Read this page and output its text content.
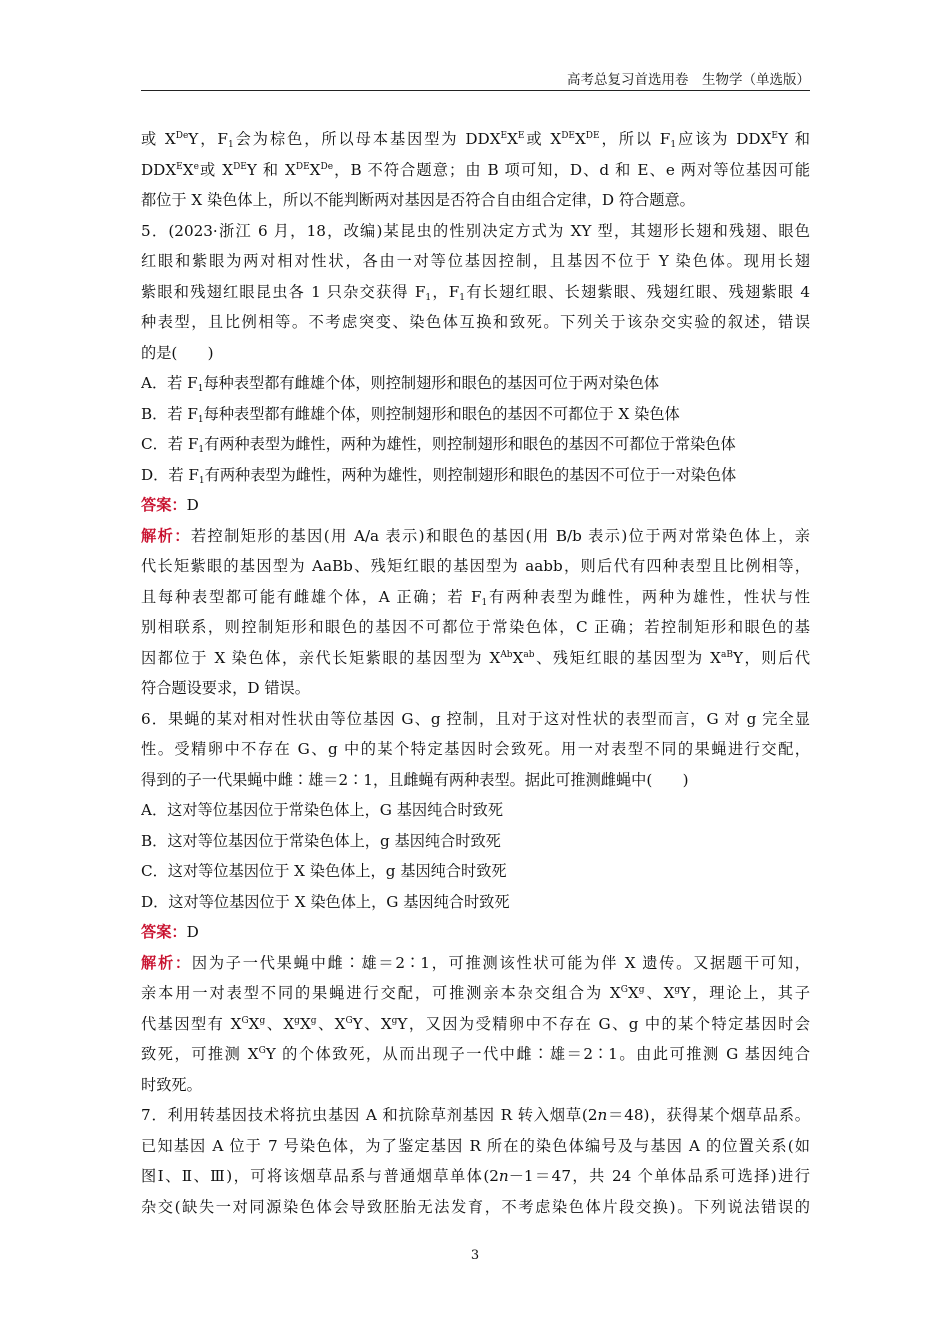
高考总复习首选用卷　生物学（单选版）
或 XDeY，$F_1$会为棕色，所以母本基因型为 $DDX^EX^E$或 XDEXDE，所以 $F_1$应该为 $DDX^EY$ 和
$DDX^EXe$或 XDEY 和 XDEXDe，B 不符合题意；由 B 项可知，D、d 和 E、e 两对等位基因可能
都位于 X 染色体上，所以不能判断两对基因是否符合自由组合定律，D 符合题意。
5．(2023·浙江 6 月，18，改编)某昆虫的性别决定方式为 XY 型，其翅形长翅和残翅、眼色
红眼和紫眼为两对相对性状，各由一对等位基因控制，且基因不位于 Y 染色体。现用长翅
紫眼和残翅红眼昆虫各 1 只杂交获得 $F_1$，$F_1$有长翅红眼、长翅紫眼、残翅红眼、残翅紫眼 4
种表型，且比例相等。不考虑突变、染色体互换和致死。下列关于该杂交实验的叙述，错误
的是(　　)
A．若 $F_1$每种表型都有雌雄个体，则控制翅形和眼色的基因可位于两对染色体
B．若 $F_1$每种表型都有雌雄个体，则控制翅形和眼色的基因不可都位于 X 染色体
C．若 $F_1$有两种表型为雌性，两种为雄性，则控制翅形和眼色的基因不可都位于常染色体
D．若 $F_1$有两种表型为雌性，两种为雄性，则控制翅形和眼色的基因不可位于一对染色体
答案：D
解析：若控制矩形的基因(用 A/a 表示)和眼色的基因(用 B/b 表示)位于两对常染色体上，亲
代长矩紫眼的基因型为 AaBb、残矩红眼的基因型为 aabb，则后代有四种表型且比例相等，
且每种表型都可能有雌雄个体，A 正确；若 $F_1$有两种表型为雌性，两种为雄性，性状与性
别相联系，则控制矩形和眼色的基因不可都位于常染色体，C 正确；若控制矩形和眼色的基
因都位于 X 染色体，亲代长矩紫眼的基因型为 $X^{Ab}X^{ab}$、残矩红眼的基因型为 $X^{aB}Y$，则后代
符合题设要求，D 错误。
6．果蝇的某对相对性状由等位基因 G、g 控制，且对于这对性状的表型而言，G 对 g 完全显
性。受精卵中不存在 G、g 中的某个特定基因时会致死。用一对表型不同的果蝇进行交配，
得到的子一代果蝇中雌∶雄＝2∶1，且雌蝇有两种表型。据此可推测雌蝇中(　　)
A．这对等位基因位于常染色体上，G 基因纯合时致死
B．这对等位基因位于常染色体上，g 基因纯合时致死
C．这对等位基因位于 X 染色体上，g 基因纯合时致死
D．这对等位基因位于 X 染色体上，G 基因纯合时致死
答案：D
解析：因为子一代果蝇中雌∶雄＝2∶1，可推测该性状可能为伴 X 遗传。又据题干可知，
亲本用一对表型不同的果蝇进行交配，可推测亲本杂交组合为 $X^GX^g$、$X^gY$，理论上，其子
代基因型有 $X^GX^g$、$X^gX^g$、$X^GY$、$X^gY$，又因为受精卵中不存在 G、g 中的某个特定基因时会
致死，可推测 $X^GY$ 的个体致死，从而出现子一代中雌∶雄＝2∶1。由此可推测 G 基因纯合
时致死。
7．利用转基因技术将抗虫基因 A 和抗除草剂基因 R 转入烟草(2n＝48)，获得某个烟草品系。
已知基因 A 位于 7 号染色体，为了鉴定基因 R 所在的染色体编号及与基因 A 的位置关系(如
图Ⅰ、Ⅱ、Ⅲ)，可将该烟草品系与普通烟草单体(2n－1＝47，共 24 个单体品系可选择)进行
杂交(缺失一对同源染色体会导致胚胎无法发育，不考虑染色体片段交换)。下列说法错误的
3
